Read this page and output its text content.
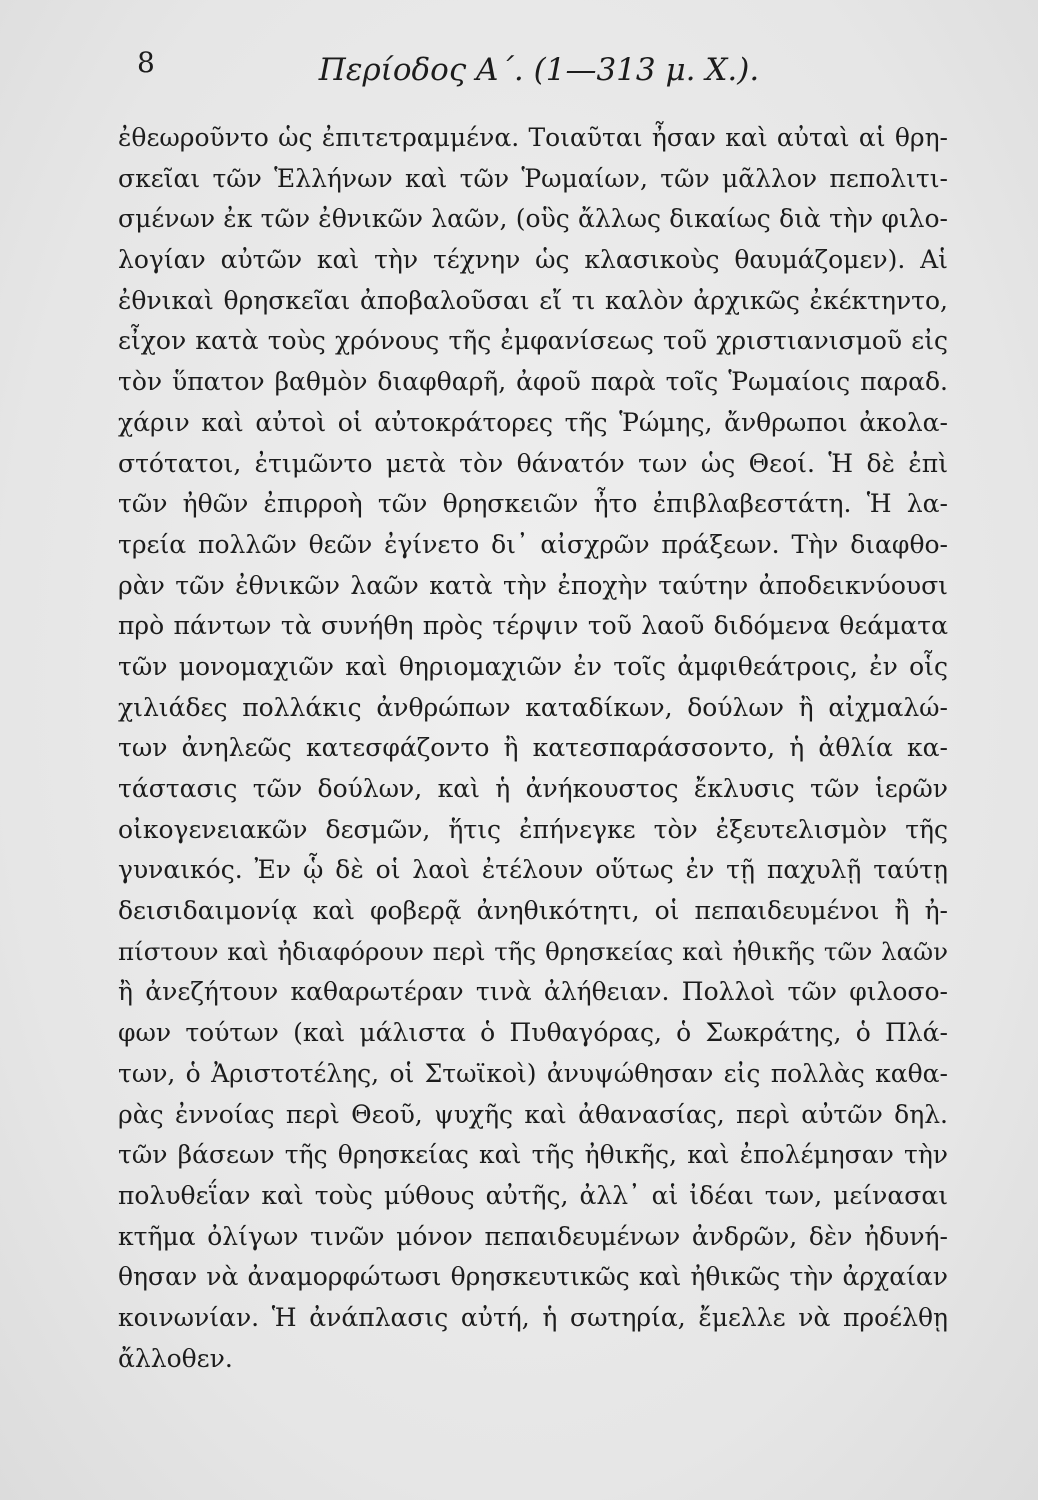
8	Περίοδος Α΄. (1—313 μ. Χ.).
ἐθεωροῦντο ὡς ἐπιτετραμμένα. Τοιαῦται ἦσαν καὶ αὐταὶ αἱ θρη-
σκεῖαι τῶν Ἑλλήνων καὶ τῶν Ῥωμαίων, τῶν μᾶλλον πεπολιτι-
σμένων ἐκ τῶν ἐθνικῶν λαῶν, (οὓς ἄλλως δικαίως διὰ τὴν φιλο-
λογίαν αὐτῶν καὶ τὴν τέχνην ὡς κλασικοὺς θαυμάζομεν). Αἱ
ἐθνικαὶ θρησκεῖαι ἀποβαλοῦσαι εἴ τι καλὸν ἀρχικῶς ἐκέκτηντο,
εἶχον κατὰ τοὺς χρόνους τῆς ἐμφανίσεως τοῦ χριστιανισμοῦ εἰς
τὸν ὕπατον βαθμὸν διαφθαρῆ, ἀφοῦ παρὰ τοῖς Ῥωμαίοις παραδ.
χάριν καὶ αὐτοὶ οἱ αὐτοκράτορες τῆς Ῥώμης, ἄνθρωποι ἀκολα-
στότατοι, ἐτιμῶντο μετὰ τὸν θάνατόν των ὡς Θεοί. Ἡ δὲ ἐπὶ
τῶν ἠθῶν ἐπιρροὴ τῶν θρησκειῶν ἦτο ἐπιβλαβεστάτη. Ἡ λα-
τρεία πολλῶν θεῶν ἐγίνετο δι᾽ αἰσχρῶν πράξεων. Τὴν διαφθο-
ρὰν τῶν ἐθνικῶν λαῶν κατὰ τὴν ἐποχὴν ταύτην ἀποδεικνύουσι
πρὸ πάντων τὰ συνήθη πρὸς τέρψιν τοῦ λαοῦ διδόμενα θεάματα
τῶν μονομαχιῶν καὶ θηριομαχιῶν ἐν τοῖς ἀμφιθεάτροις, ἐν οἷς
χιλιάδες πολλάκις ἀνθρώπων καταδίκων, δούλων ἢ αἰχμαλώ-
των ἀνηλεῶς κατεσφάζοντο ἢ κατεσπαράσσοντο, ἡ ἀθλία κα-
τάστασις τῶν δούλων, καὶ ἡ ἀνήκουστος ἔκλυσις τῶν ἱερῶν
οἰκογενειακῶν δεσμῶν, ἥτις ἐπήνεγκε τὸν ἐξευτελισμὸν τῆς
γυναικός. Ἐν ᾧ δὲ οἱ λαοὶ ἐτέλουν οὕτως ἐν τῇ παχυλῇ ταύτῃ
δεισιδαιμονίᾳ καὶ φοβερᾷ ἀνηθικότητι, οἱ πεπαιδευμένοι ἢ ἠ-
πίστουν καὶ ἠδιαφόρουν περὶ τῆς θρησκείας καὶ ἠθικῆς τῶν λαῶν
ἢ ἀνεζήτουν καθαρωτέραν τινὰ ἀλήθειαν. Πολλοὶ τῶν φιλοσο-
φων τούτων (καὶ μάλιστα ὁ Πυθαγόρας, ὁ Σωκράτης, ὁ Πλά-
των, ὁ Ἀριστοτέλης, οἱ Στωϊκοὶ) ἀνυψώθησαν εἰς πολλὰς καθα-
ρὰς ἐννοίας περὶ Θεοῦ, ψυχῆς καὶ ἀθανασίας, περὶ αὐτῶν δηλ.
τῶν βάσεων τῆς θρησκείας καὶ τῆς ἠθικῆς, καὶ ἐπολέμησαν τὴν
πολυθεΐαν καὶ τοὺς μύθους αὐτῆς, ἀλλ᾽ αἱ ἰδέαι των, μείνασαι
κτῆμα ὀλίγων τινῶν μόνον πεπαιδευμένων ἀνδρῶν, δὲν ἠδυνή-
θησαν νὰ ἀναμορφώτωσι θρησκευτικῶς καὶ ἠθικῶς τὴν ἀρχαίαν
κοινωνίαν. Ἡ ἀνάπλασις αὐτή, ἡ σωτηρία, ἔμελλε νὰ προέλθῃ
ἄλλοθεν.
